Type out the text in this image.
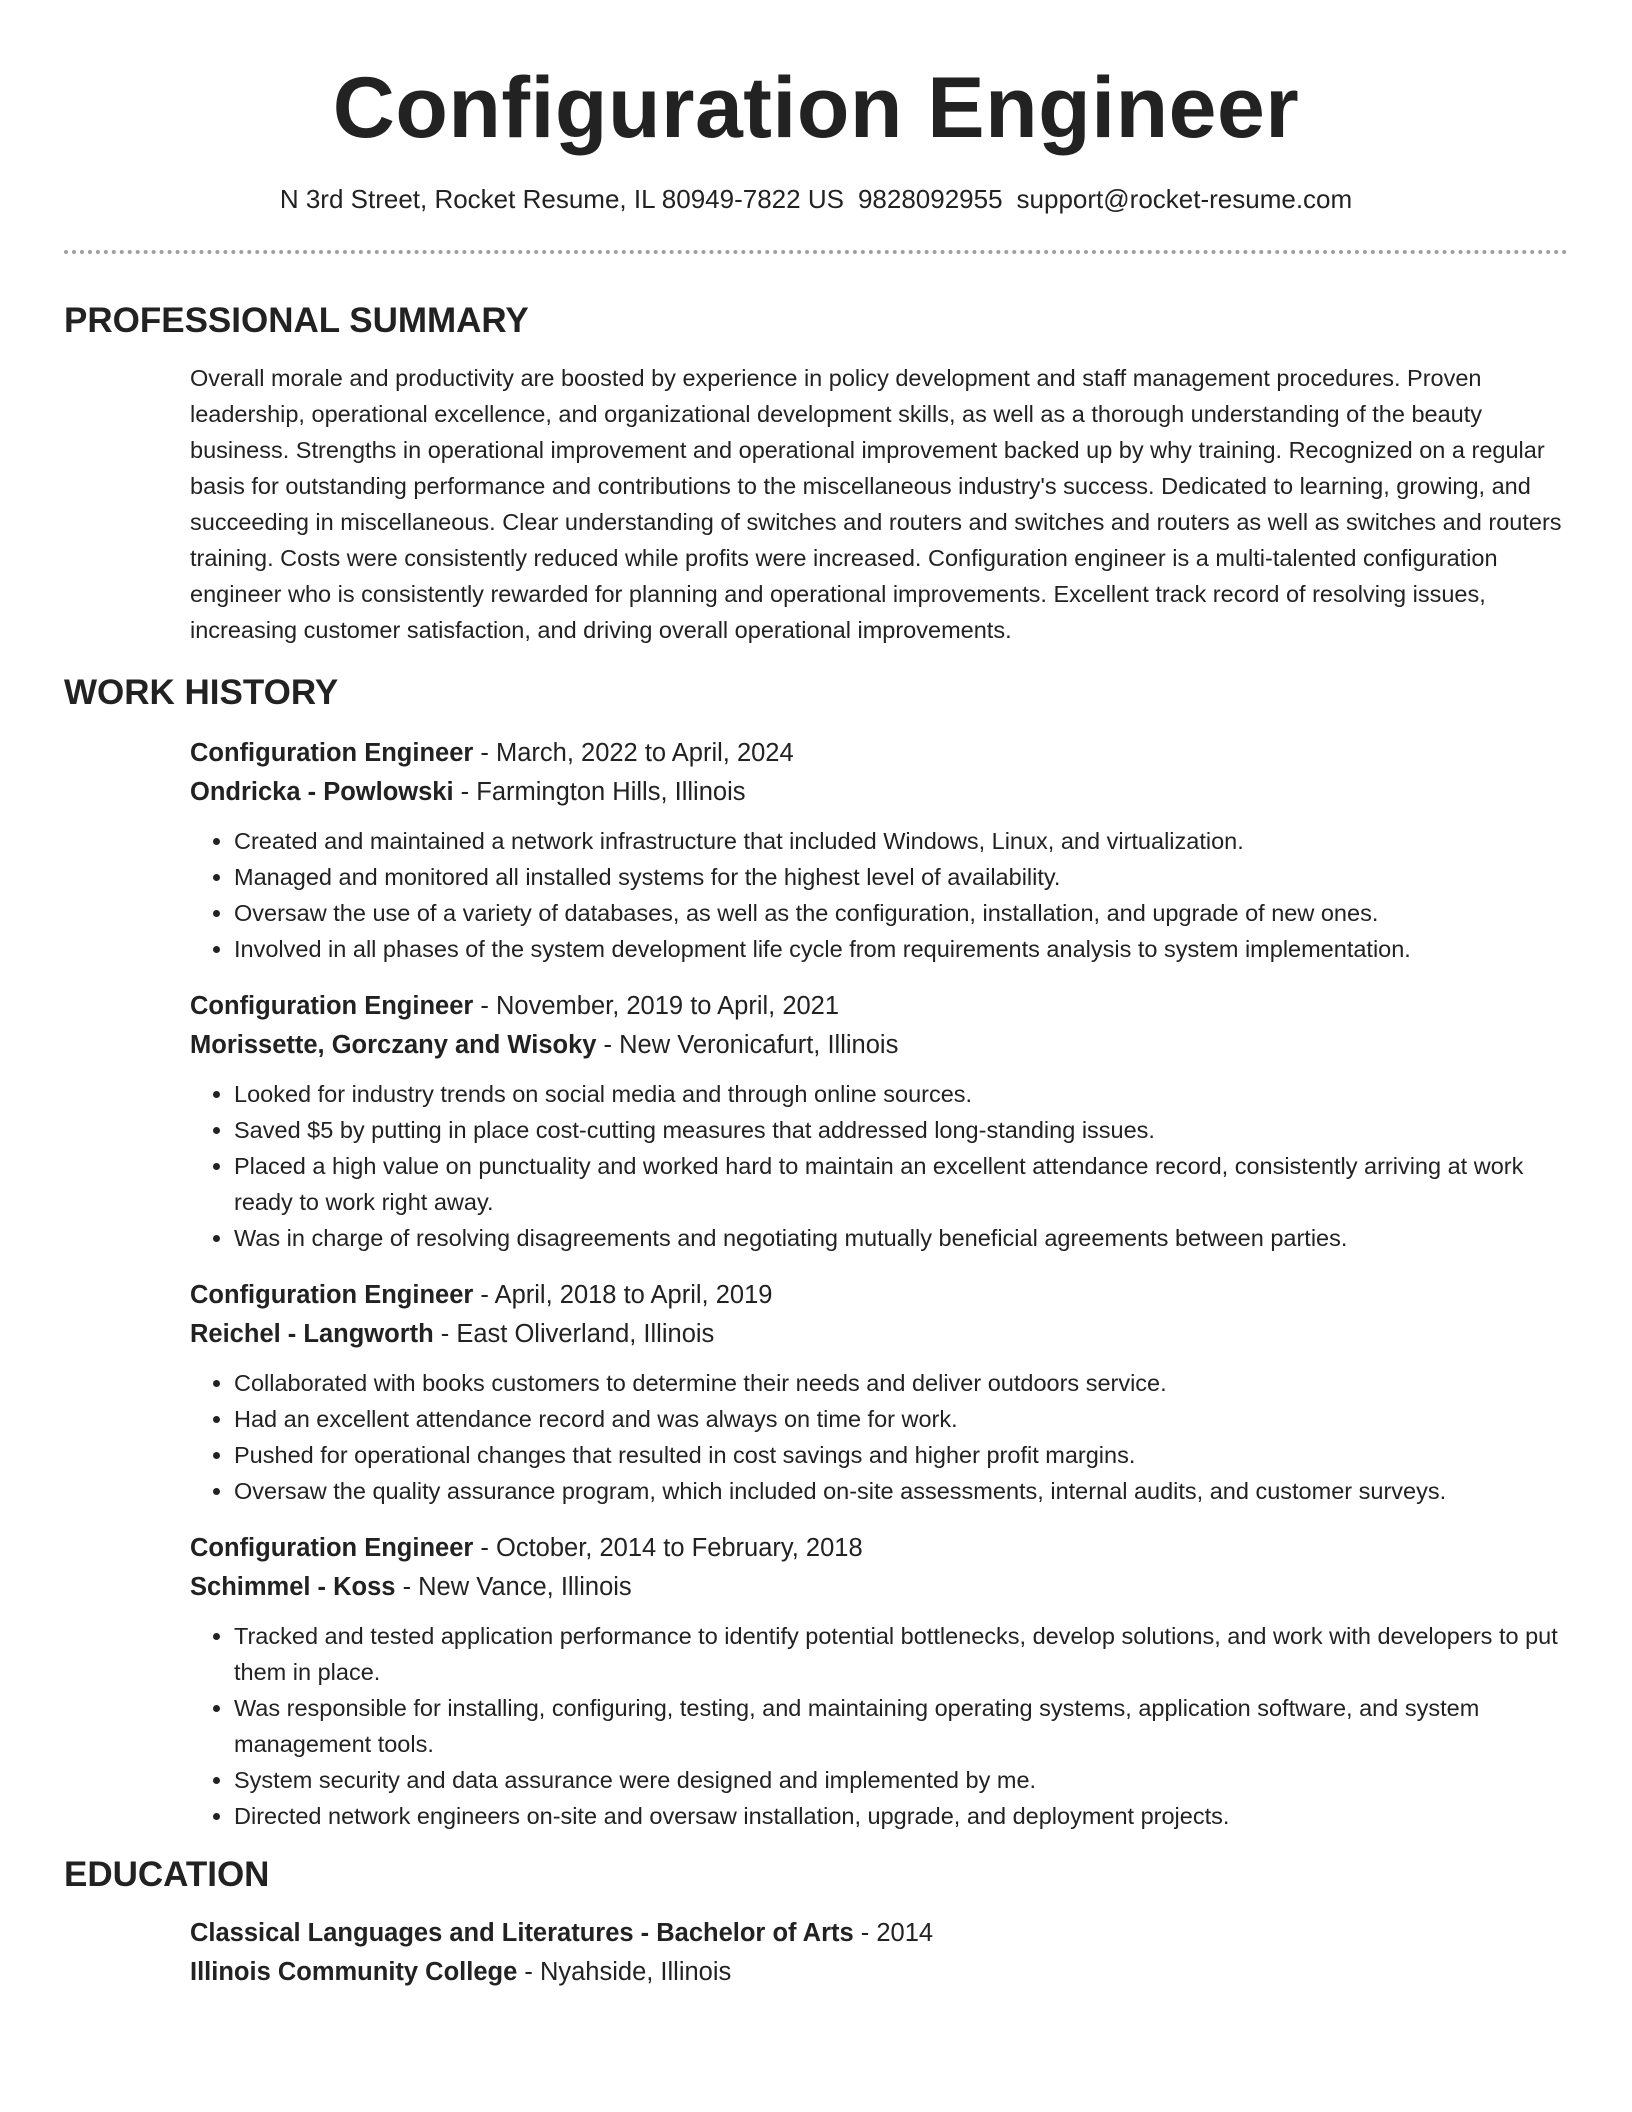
Configuration Engineer
N 3rd Street, Rocket Resume, IL 80949-7822 US 9828092955 support@rocket-resume.com
PROFESSIONAL SUMMARY

Overall morale and productivity are boosted by experience in policy development and staff management procedures. Proven leadership, operational excellence, and organizational development skills, as well as a thorough understanding of the beauty business. Strengths in operational improvement and operational improvement backed up by why training. Recognized on a regular basis for outstanding performance and contributions to the miscellaneous industry's success. Dedicated to learning, growing, and succeeding in miscellaneous. Clear understanding of switches and routers and switches and routers as well as switches and routers training. Costs were consistently reduced while profits were increased. Configuration engineer is a multi-talented configuration engineer who is consistently rewarded for planning and operational improvements. Excellent track record of resolving issues, increasing customer satisfaction, and driving overall operational improvements.

WORK HISTORY
Configuration Engineer - March, 2022 to April, 2024
Ondricka - Powlowski - Farmington Hills, Illinois
• Created and maintained a network infrastructure that included Windows, Linux, and virtualization.
• Managed and monitored all installed systems for the highest level of availability.
• Oversaw the use of a variety of databases, as well as the configuration, installation, and upgrade of new ones.
• Involved in all phases of the system development life cycle from requirements analysis to system implementation.
Configuration Engineer - November, 2019 to April, 2021
Morissette, Gorczany and Wisoky - New Veronicafurt, Illinois
• Looked for industry trends on social media and through online sources.
• Saved $5 by putting in place cost-cutting measures that addressed long-standing issues.
• Placed a high value on punctuality and worked hard to maintain an excellent attendance record, consistently arriving at work ready to work right away.
• Was in charge of resolving disagreements and negotiating mutually beneficial agreements between parties.
Configuration Engineer - April, 2018 to April, 2019
Reichel - Langworth - East Oliverland, Illinois
• Collaborated with books customers to determine their needs and deliver outdoors service.
• Had an excellent attendance record and was always on time for work.
• Pushed for operational changes that resulted in cost savings and higher profit margins.
• Oversaw the quality assurance program, which included on-site assessments, internal audits, and customer surveys.
Configuration Engineer - October, 2014 to February, 2018
Schimmel - Koss - New Vance, Illinois
• Tracked and tested application performance to identify potential bottlenecks, develop solutions, and work with developers to put them in place.
• Was responsible for installing, configuring, testing, and maintaining operating systems, application software, and system management tools.
• System security and data assurance were designed and implemented by me.
• Directed network engineers on-site and oversaw installation, upgrade, and deployment projects.
EDUCATION
Classical Languages and Literatures - Bachelor of Arts - 2014
Illinois Community College - Nyahside, Illinois
